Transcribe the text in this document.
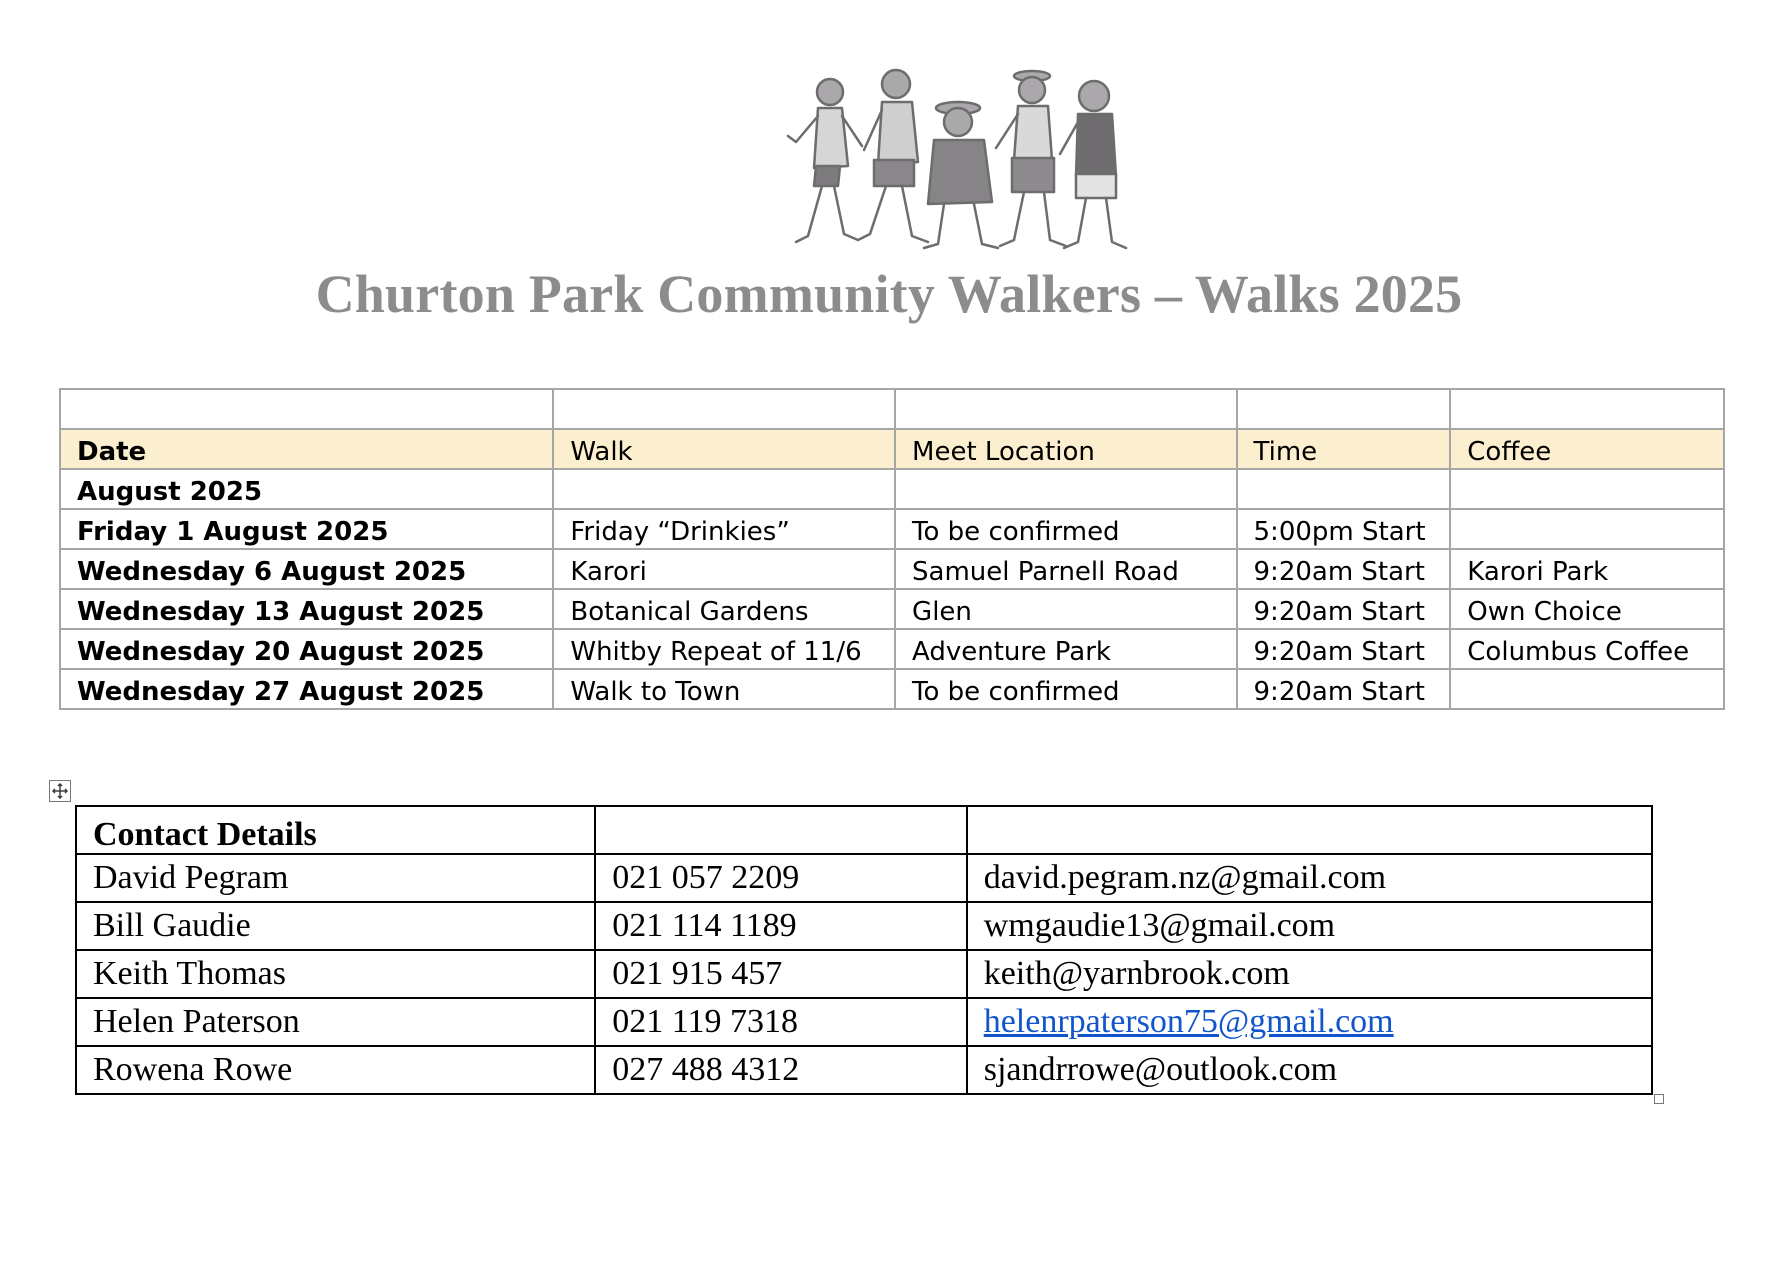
Churton Park Community Walkers – Walks 2025

Date	Walk	Meet Location	Time	Coffee
August 2025				
Friday 1 August 2025	Friday “Drinkies”	To be confirmed	5:00pm Start	
Wednesday 6 August 2025	Karori	Samuel Parnell Road	9:20am Start	Karori Park
Wednesday 13 August 2025	Botanical Gardens	Glen	9:20am Start	Own Choice
Wednesday 20 August 2025	Whitby Repeat of 11/6	Adventure Park	9:20am Start	Columbus Coffee
Wednesday 27 August 2025	Walk to Town	To be confirmed	9:20am Start	
Contact Details		
David Pegram	021 057 2209	david.pegram.nz@gmail.com
Bill Gaudie	021 114 1189	wmgaudie13@gmail.com
Keith Thomas	021 915 457	keith@yarnbrook.com
Helen Paterson	021 119 7318	helenrpaterson75@gmail.com
Rowena Rowe	027 488 4312	sjandrrowe@outlook.com
